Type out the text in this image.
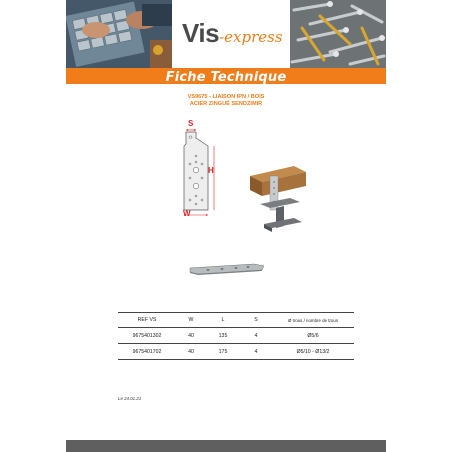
Vis-express
Fiche Technique
VS9675 - LIAISON IPN / BOIS
ACIER ZINGUÉ SENDZIMIR
S
H
W
REF VS	W	L	S	Ø trous / nombre de trous
9675401302	40	135	4	Ø5/6
9675401702	40	175	4	Ø5/10 - Ø13/2
Le 24.01.21
